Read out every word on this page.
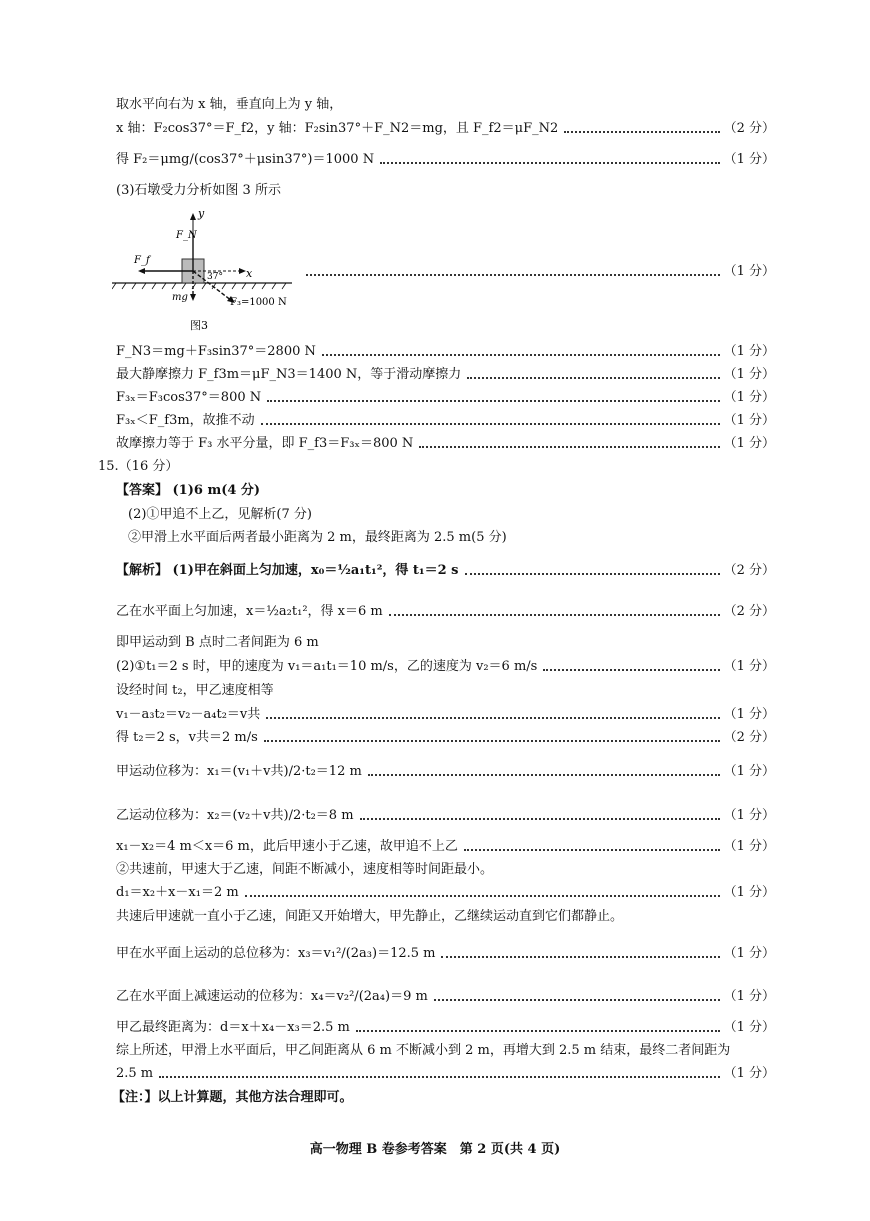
取水平向右为 x 轴，垂直向上为 y 轴，
x 轴：F₂cos37°＝F_f2，y 轴：F₂sin37°＋F_N2＝mg，且 F_f2＝μF_N2	（2 分）
得 F₂＝μmg/(cos37°＋μsin37°)＝1000 N	（1 分）
(3)石墩受力分析如图 3 所示
y
F_N
F_f
37° x
mg	F₃=1000 N
图3
（1 分）
F_N3＝mg＋F₃sin37°＝2800 N	（1 分）
最大静摩擦力 F_f3m＝μF_N3＝1400 N，等于滑动摩擦力	（1 分）
F₃ₓ＝F₃cos37°＝800 N	（1 分）
F₃ₓ＜F_f3m，故推不动	（1 分）
故摩擦力等于 F₃ 水平分量，即 F_f3＝F₃ₓ＝800 N	（1 分）
15.（16 分）
【答案】 (1)6 m(4 分)
(2)①甲追不上乙，见解析(7 分)
②甲滑上水平面后两者最小距离为 2 m，最终距离为 2.5 m(5 分)
【解析】 (1)甲在斜面上匀加速，x₀＝½a₁t₁²，得 t₁＝2 s	（2 分）
乙在水平面上匀加速，x＝½a₂t₁²，得 x＝6 m	（2 分）
即甲运动到 B 点时二者间距为 6 m
(2)①t₁＝2 s 时，甲的速度为 v₁＝a₁t₁＝10 m/s，乙的速度为 v₂＝6 m/s	（1 分）
设经时间 t₂，甲乙速度相等
v₁－a₃t₂＝v₂－a₄t₂＝v共	（1 分）
得 t₂＝2 s，v共＝2 m/s	（2 分）
甲运动位移为：x₁＝(v₁＋v共)/2·t₂＝12 m	（1 分）
乙运动位移为：x₂＝(v₂＋v共)/2·t₂＝8 m	（1 分）
x₁－x₂＝4 m＜x＝6 m，此后甲速小于乙速，故甲追不上乙	（1 分）
②共速前，甲速大于乙速，间距不断减小，速度相等时间距最小。
d₁＝x₂＋x－x₁＝2 m	（1 分）
共速后甲速就一直小于乙速，间距又开始增大，甲先静止，乙继续运动直到它们都静止。
甲在水平面上运动的总位移为：x₃＝v₁²/(2a₃)＝12.5 m	（1 分）
乙在水平面上减速运动的位移为：x₄＝v₂²/(2a₄)＝9 m	（1 分）
甲乙最终距离为：d＝x＋x₄－x₃＝2.5 m	（1 分）
综上所述，甲滑上水平面后，甲乙间距离从 6 m 不断减小到 2 m，再增大到 2.5 m 结束，最终二者间距为
2.5 m	（1 分）
【注：】以上计算题，其他方法合理即可。
高一物理 B 卷参考答案　第 2 页(共 4 页)
